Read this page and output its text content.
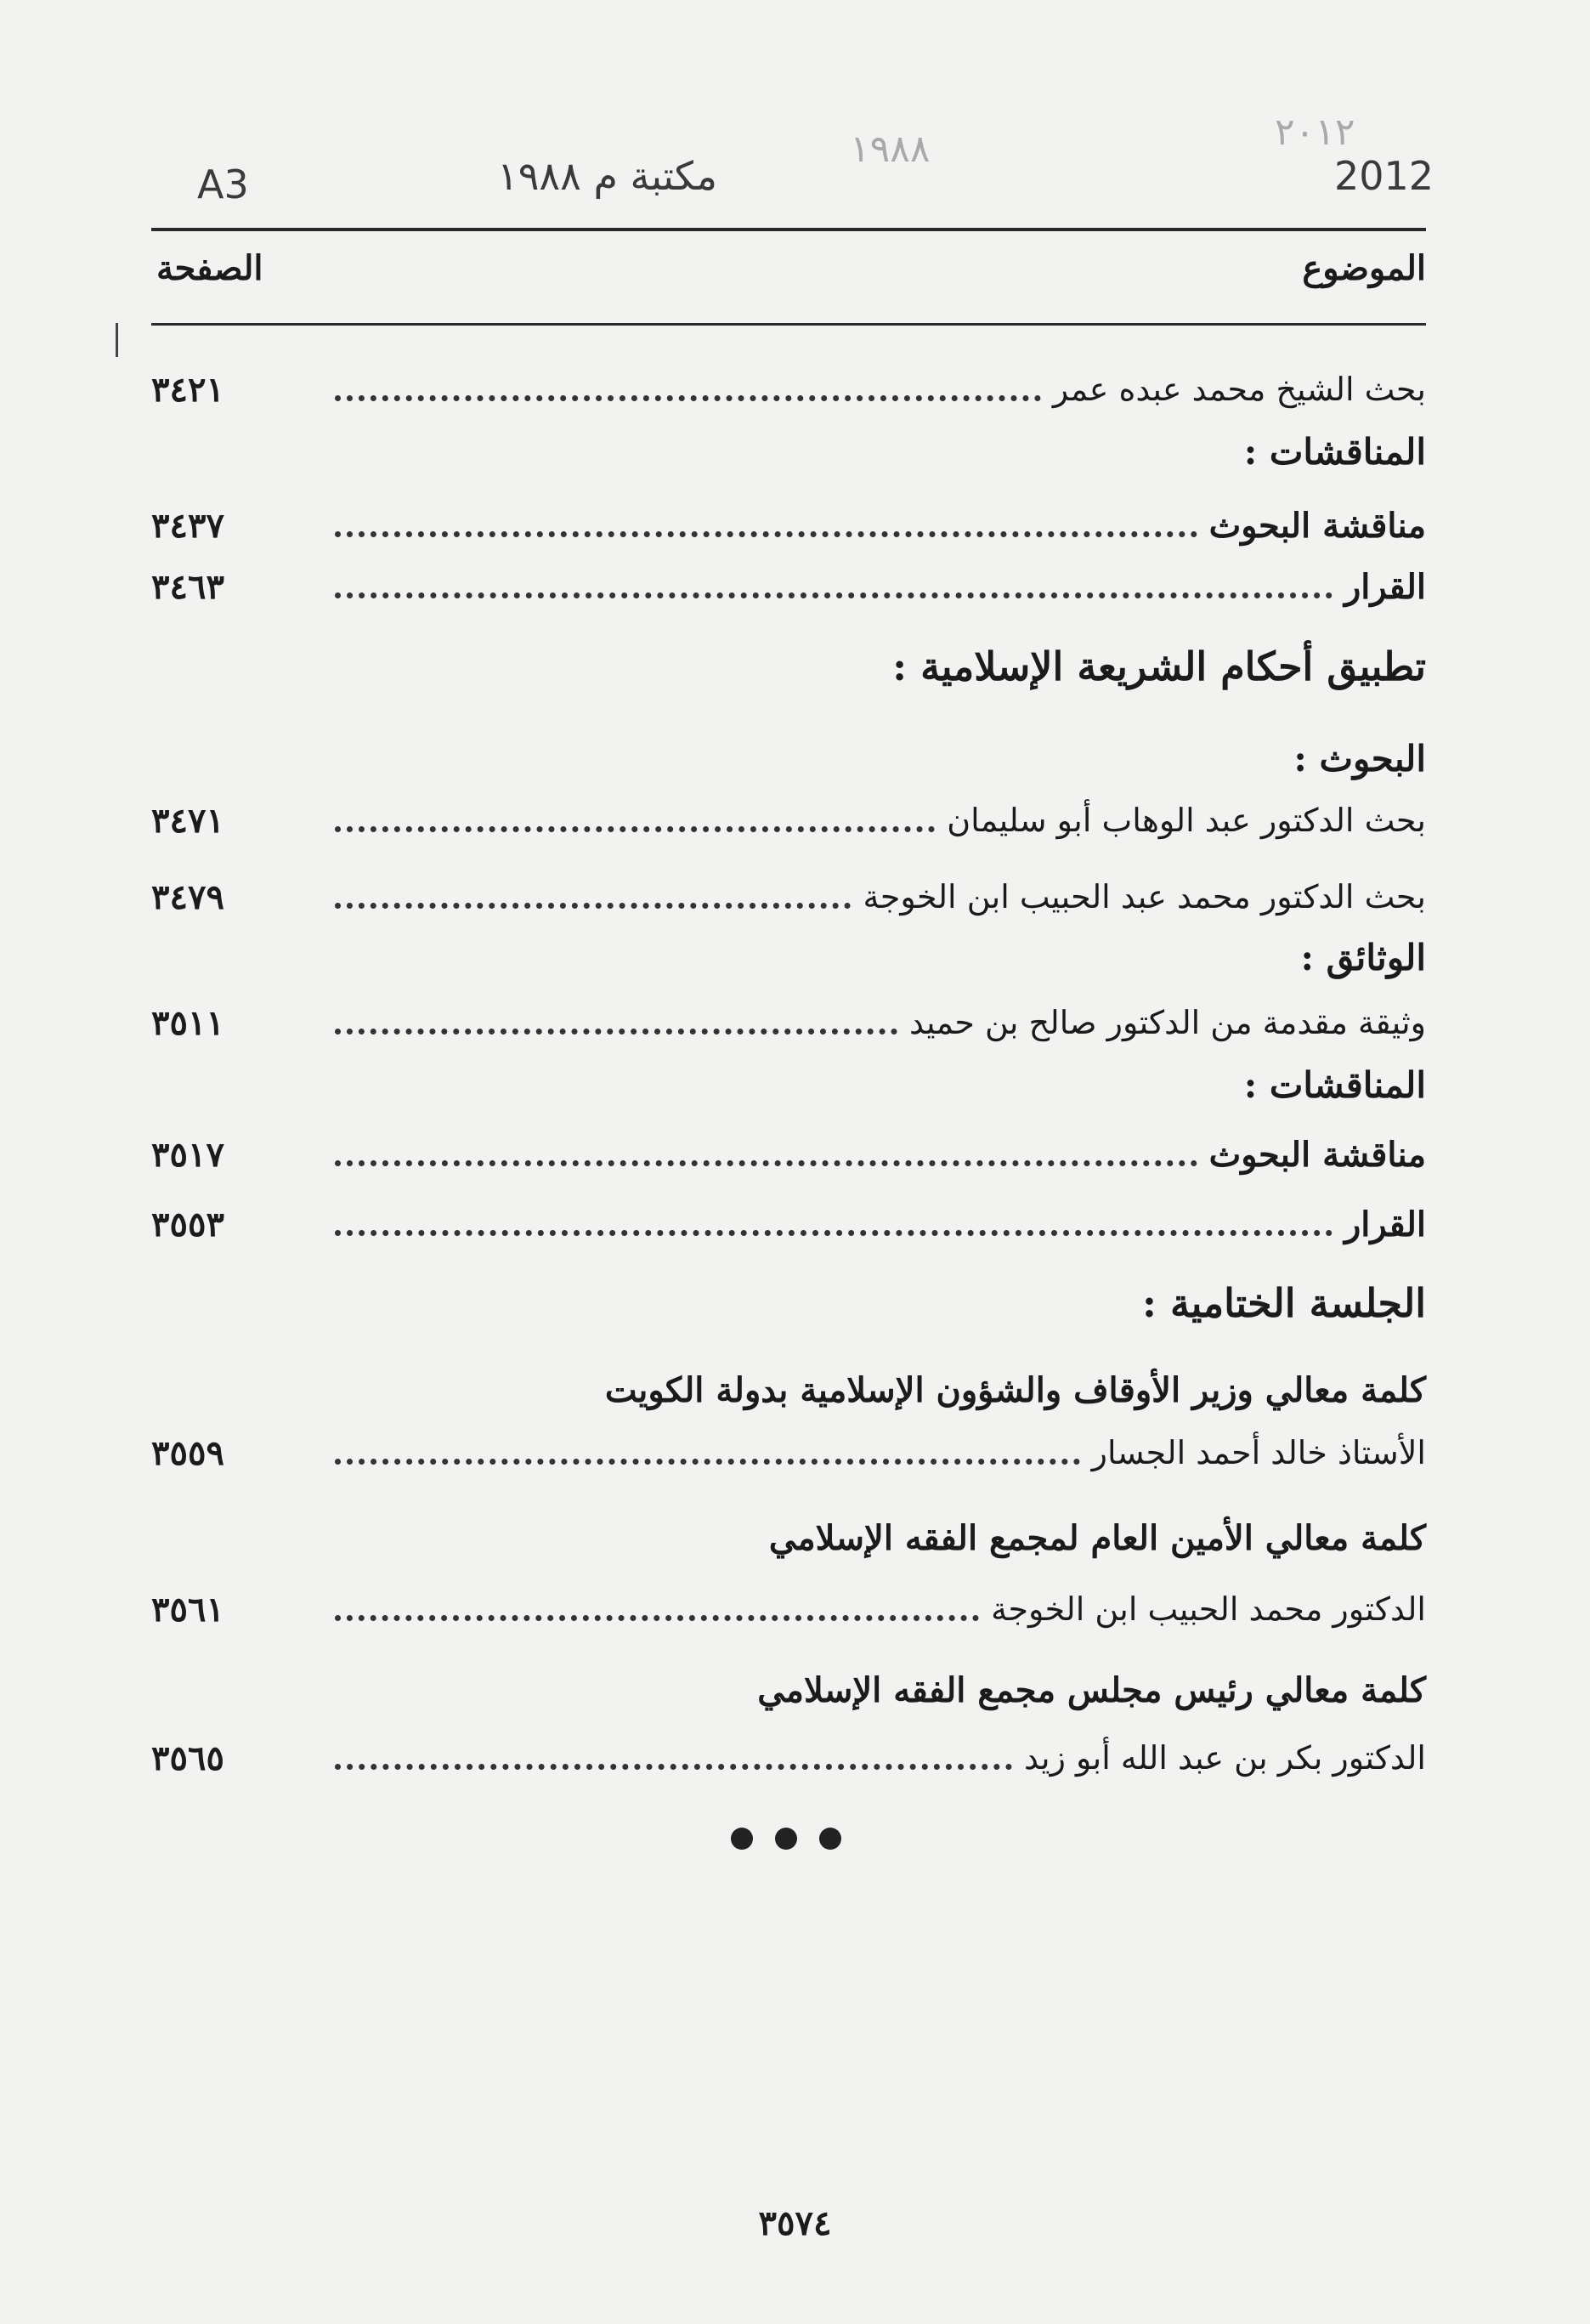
A3	مكتبة م ١٩٨٨	2012
٢٠١٢
١٩٨٨
الموضوع
الصفحة
٣٤٢١	بحث الشيخ محمد عبده عمر
المناقشات :
٣٤٣٧	مناقشة البحوث
٣٤٦٣	القرار
تطبيق أحكام الشريعة الإسلامية :
البحوث :
٣٤٧١	بحث الدكتور عبد الوهاب أبو سليمان
٣٤٧٩	بحث الدكتور محمد عبد الحبيب ابن الخوجة
الوثائق :
٣٥١١	وثيقة مقدمة من الدكتور صالح بن حميد
المناقشات :
٣٥١٧	مناقشة البحوث
٣٥٥٣	القرار
الجلسة الختامية :
كلمة معالي وزير الأوقاف والشؤون الإسلامية بدولة الكويت
٣٥٥٩	الأستاذ خالد أحمد الجسار
كلمة معالي الأمين العام لمجمع الفقه الإسلامي
٣٥٦١	الدكتور محمد الحبيب ابن الخوجة
كلمة معالي رئيس مجلس مجمع الفقه الإسلامي
٣٥٦٥	الدكتور بكر بن عبد الله أبو زيد
٣٥٧٤
